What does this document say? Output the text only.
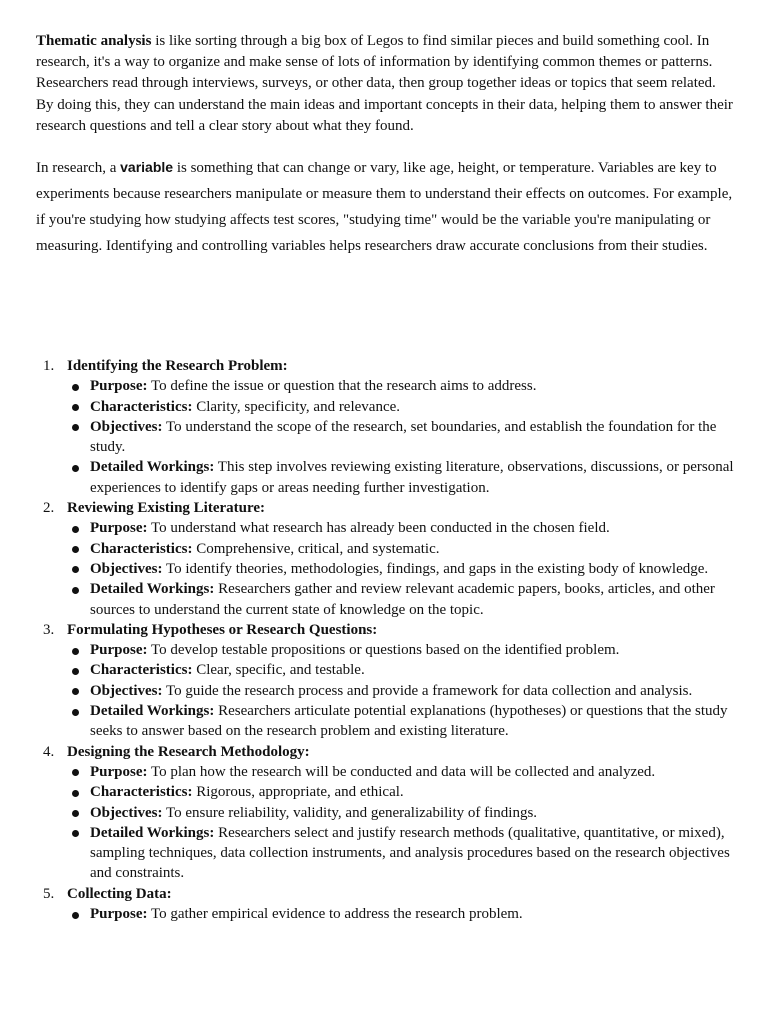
Thematic analysis is like sorting through a big box of Legos to find similar pieces and build something cool. In research, it's a way to organize and make sense of lots of information by identifying common themes or patterns. Researchers read through interviews, surveys, or other data, then group together ideas or topics that seem related. By doing this, they can understand the main ideas and important concepts in their data, helping them to answer their research questions and tell a clear story about what they found.

In research, a variable is something that can change or vary, like age, height, or temperature. Variables are key to experiments because researchers manipulate or measure them to understand their effects on outcomes. For example, if you're studying how studying affects test scores, "studying time" would be the variable you're manipulating or measuring. Identifying and controlling variables helps researchers draw accurate conclusions from their studies.

1. Identifying the Research Problem:
Purpose: To define the issue or question that the research aims to address.
Characteristics: Clarity, specificity, and relevance.
Objectives: To understand the scope of the research, set boundaries, and establish the foundation for the study.
Detailed Workings: This step involves reviewing existing literature, observations, discussions, or personal experiences to identify gaps or areas needing further investigation.
2. Reviewing Existing Literature:
Purpose: To understand what research has already been conducted in the chosen field.
Characteristics: Comprehensive, critical, and systematic.
Objectives: To identify theories, methodologies, findings, and gaps in the existing body of knowledge.
Detailed Workings: Researchers gather and review relevant academic papers, books, articles, and other sources to understand the current state of knowledge on the topic.
3. Formulating Hypotheses or Research Questions:
Purpose: To develop testable propositions or questions based on the identified problem.
Characteristics: Clear, specific, and testable.
Objectives: To guide the research process and provide a framework for data collection and analysis.
Detailed Workings: Researchers articulate potential explanations (hypotheses) or questions that the study seeks to answer based on the research problem and existing literature.
4. Designing the Research Methodology:
Purpose: To plan how the research will be conducted and data will be collected and analyzed.
Characteristics: Rigorous, appropriate, and ethical.
Objectives: To ensure reliability, validity, and generalizability of findings.
Detailed Workings: Researchers select and justify research methods (qualitative, quantitative, or mixed), sampling techniques, data collection instruments, and analysis procedures based on the research objectives and constraints.
5. Collecting Data:
Purpose: To gather empirical evidence to address the research problem.
